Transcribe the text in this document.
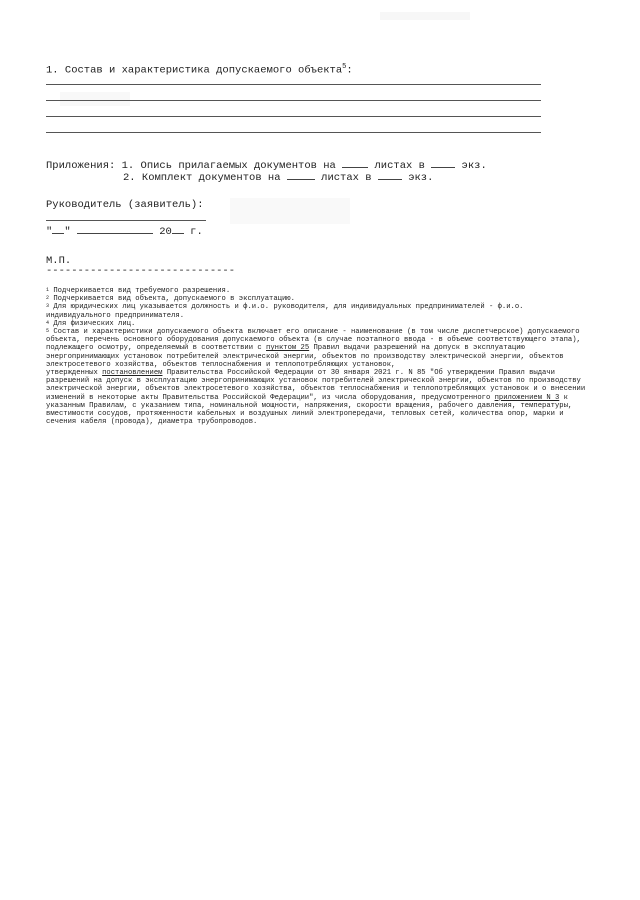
1. Состав и характеристика допускаемого объекта$^5$:
Приложения: 1. Опись прилагаемых документов на	листах в	экз.
2. Комплект документов на	листах в	экз.
Руководитель (заявитель):
" "	20 г.
М.П.
------------------------------

$^1$ Подчеркивается вид требуемого разрешения.

$^2$ Подчеркивается вид объекта, допускаемого в эксплуатацию.

$^3$ Для юридических лиц указывается должность и ф.и.о. руководителя, для индивидуальных предпринимателей - ф.и.о. индивидуального предпринимателя.

$^4$ Для физических лиц.

$^5$ Состав и характеристики допускаемого объекта включает его описание - наименование (в том числе диспетчерское) допускаемого объекта, перечень основного оборудования допускаемого объекта (в случае поэтапного ввода - в объеме соответствующего этапа), подлежащего осмотру, определяемый в соответствии с пунктом 25 Правил выдачи разрешений на допуск в эксплуатацию энергопринимающих установок потребителей электрической энергии, объектов по производству электрической энергии, объектов электросетевого хозяйства, объектов теплоснабжения и теплопотребляющих установок,
утвержденных постановлением Правительства Российской Федерации от 30 января 2021 г. N 85 "Об утверждении Правил выдачи разрешений на допуск в эксплуатацию энергопринимающих установок потребителей электрической энергии, объектов по производству электрической энергии, объектов электросетевого хозяйства, объектов теплоснабжения и теплопотребляющих установок и о внесении изменений в некоторые акты Правительства Российской Федерации", из числа оборудования, предусмотренного приложением N 3 к указанным Правилам, с указанием типа, номинальной мощности, напряжения, скорости вращения, рабочего давления, температуры, вместимости сосудов, протяженности кабельных и воздушных линий электропередачи, тепловых сетей, количества опор, марки и сечения кабеля (провода), диаметра трубопроводов.
